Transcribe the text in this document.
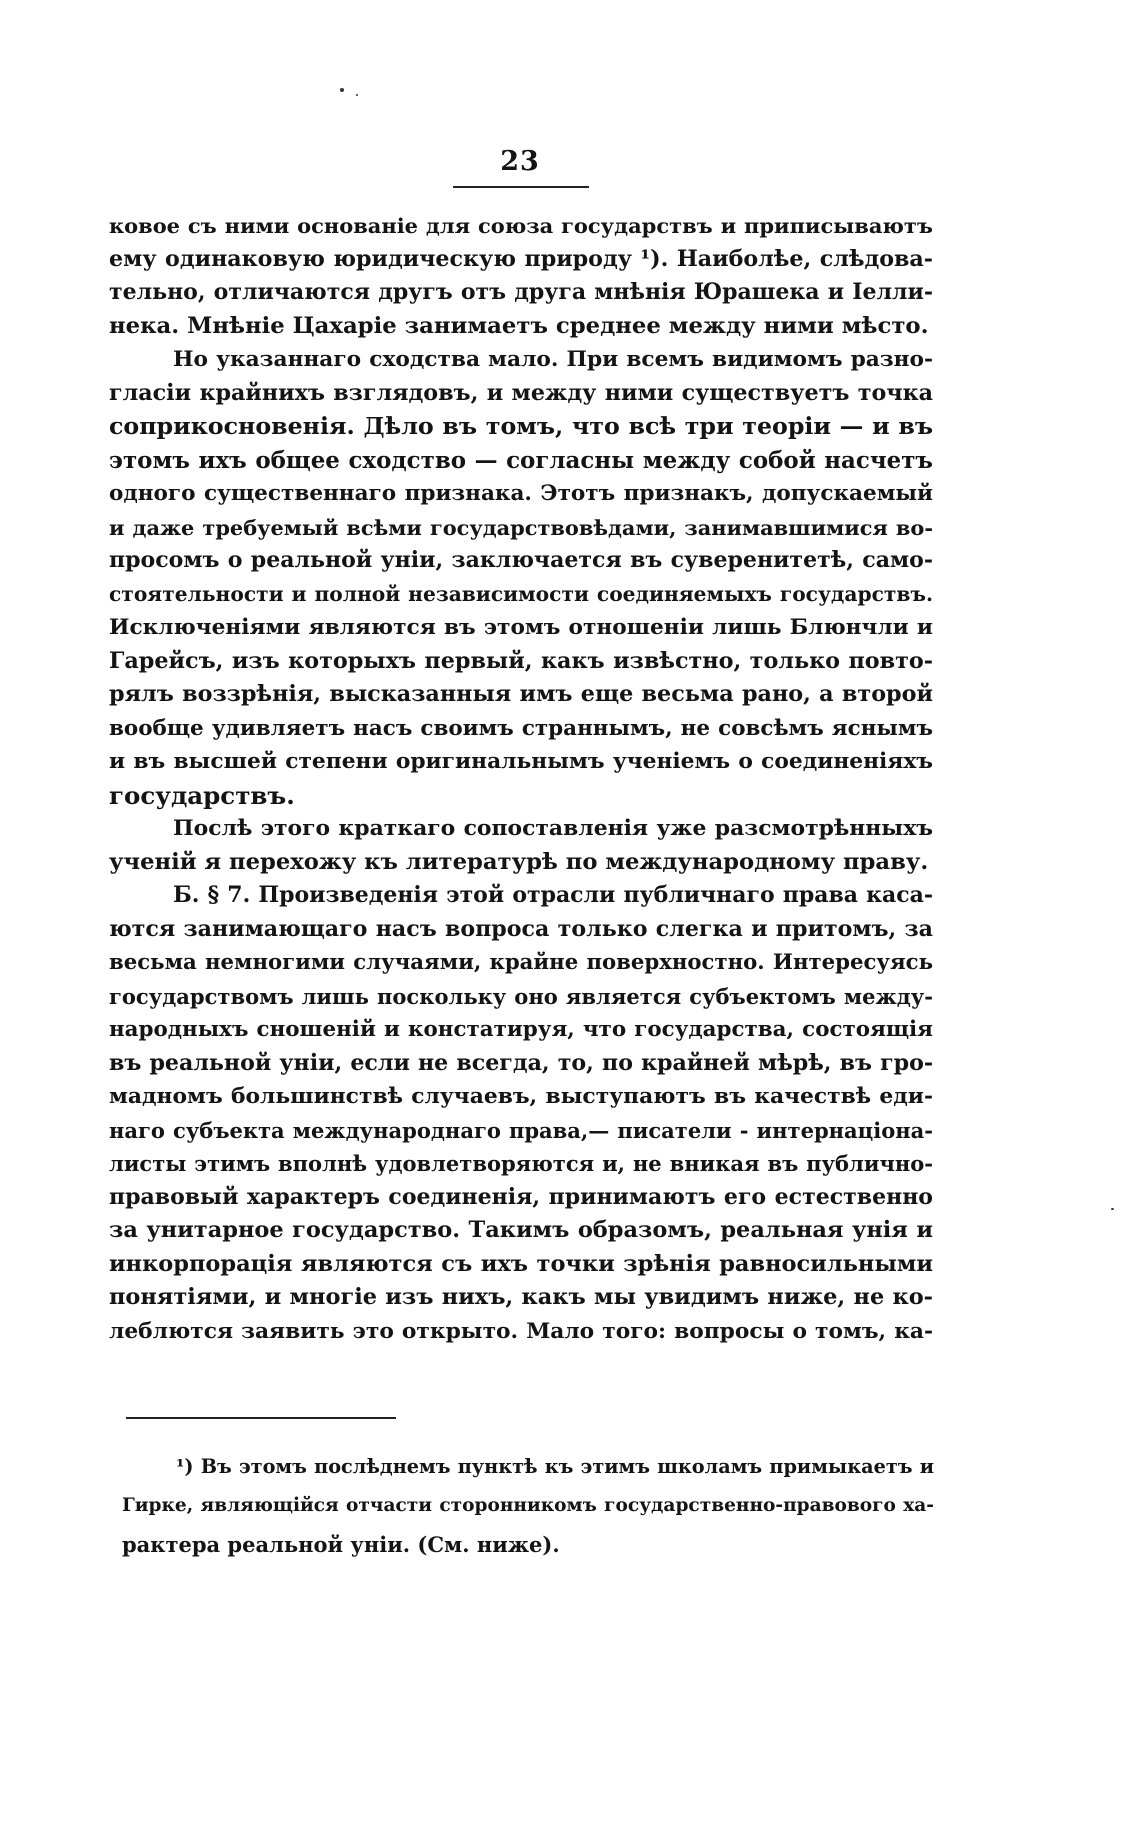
23
ковое съ ними основаніе для союза государствъ и приписываютъ
ему одинаковую юридическую природу ¹). Наиболѣе, слѣдова-
тельно, отличаются другъ отъ друга мнѣнія Юрашека и Іелли-
нека. Мнѣніе Цахаріе занимаетъ среднее между ними мѣсто.
Но указаннаго сходства мало. При всемъ видимомъ разно-
гласіи крайнихъ взглядовъ, и между ними существуетъ точка
соприкосновенія. Дѣло въ томъ, что всѣ три теоріи — и въ
этомъ ихъ общее сходство — согласны между собой насчетъ
одного существеннаго признака. Этотъ признакъ, допускаемый
и даже требуемый всѣми государствовѣдами, занимавшимися во-
просомъ о реальной уніи, заключается въ суверенитетѣ, само-
стоятельности и полной независимости соединяемыхъ государствъ.
Исключеніями являются въ этомъ отношеніи лишь Блюнчли и
Гарейсъ, изъ которыхъ первый, какъ извѣстно, только повто-
рялъ воззрѣнія, высказанныя имъ еще весьма рано, а второй
вообще удивляетъ насъ своимъ страннымъ, не совсѣмъ яснымъ
и въ высшей степени оригинальнымъ ученіемъ о соединеніяхъ
государствъ.
Послѣ этого краткаго сопоставленія уже разсмотрѣнныхъ
ученій я перехожу къ литературѣ по международному праву.
Б. § 7. Произведенія этой отрасли публичнаго права каса-
ются занимающаго насъ вопроса только слегка и притомъ, за
весьма немногими случаями, крайне поверхностно. Интересуясь
государствомъ лишь поскольку оно является субъектомъ между-
народныхъ сношеній и констатируя, что государства, состоящія
въ реальной уніи, если не всегда, то, по крайней мѣрѣ, въ гро-
мадномъ большинствѣ случаевъ, выступаютъ въ качествѣ еди-
наго субъекта международнаго права,— писатели - интернаціона-
листы этимъ вполнѣ удовлетворяются и, не вникая въ публично-
правовый характеръ соединенія, принимаютъ его естественно
за унитарное государство. Такимъ образомъ, реальная унія и
инкорпорація являются съ ихъ точки зрѣнія равносильными
понятіями, и многіе изъ нихъ, какъ мы увидимъ ниже, не ко-
леблются заявить это открыто. Мало того: вопросы о томъ, ка-
¹) Въ этомъ послѣднемъ пунктѣ къ этимъ школамъ примыкаетъ и
Гирке, являющійся отчасти сторонникомъ государственно-правового ха-
рактера реальной уніи. (См. ниже).
